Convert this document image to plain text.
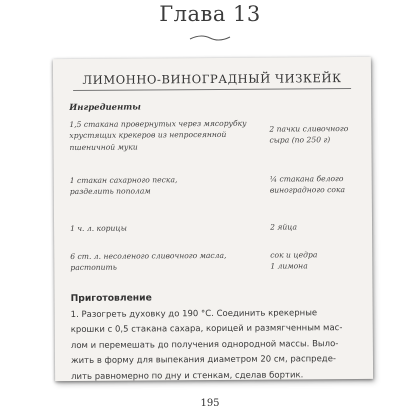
Глава 13
ЛИМОННО-ВИНОГРАДНЫЙ ЧИЗКЕЙК
Ингредиенты
1,5 стакана провернутых через мясорубку
хрустящих крекеров из непросеянной
пшеничной муки
1 стакан сахарного песка,
разделить пополам
1 ч. л. корицы
6 ст. л. несоленого сливочного масла,
растопить
2 пачки сливочного
сыра (по 250 г)
¼ стакана белого
виноградного сока
2 яйца
сок и цедра
1 лимона
Приготовление
1. Разогреть духовку до 190 °С. Соединить крекерные
крошки с 0,5 стакана сахара, корицей и размягченным мас-
лом и перемешать до получения однородной массы. Выло-
жить в форму для выпекания диаметром 20 см, распреде-
лить равномерно по дну и стенкам, сделав бортик.
195
